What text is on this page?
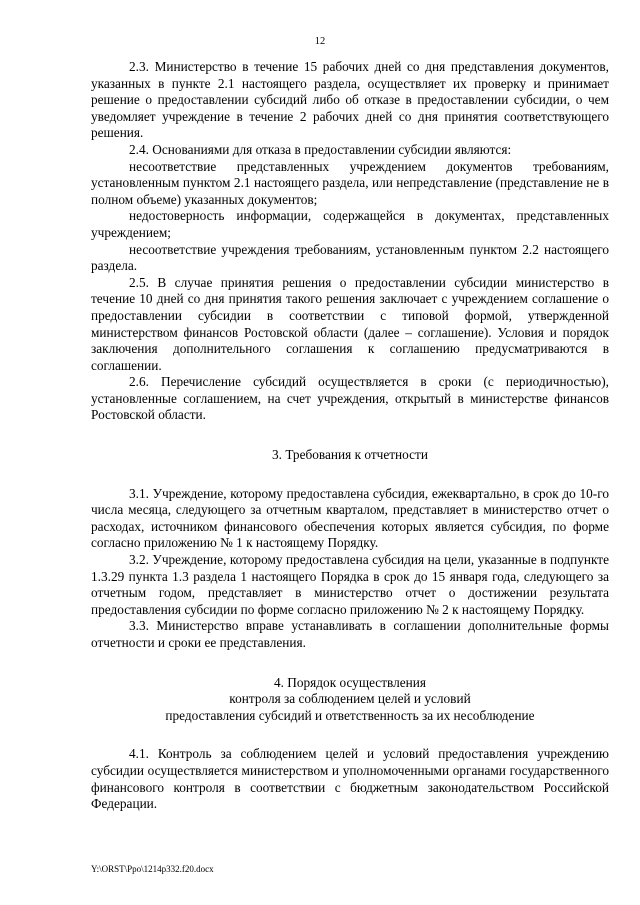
12

2.3. Министерство в течение 15 рабочих дней со дня представления документов, указанных в пункте 2.1 настоящего раздела, осуществляет их проверку и принимает решение о предоставлении субсидий либо об отказе в предоставлении субсидии, о чем уведомляет учреждение в течение 2 рабочих дней со дня принятия соответствующего решения.

2.4. Основаниями для отказа в предоставлении субсидии являются:

несоответствие представленных учреждением документов требованиям, установленным пунктом 2.1 настоящего раздела, или непредставление (представление не в полном объеме) указанных документов;

недостоверность информации, содержащейся в документах, представленных учреждением;

несоответствие учреждения требованиям, установленным пунктом 2.2 настоящего раздела.

2.5. В случае принятия решения о предоставлении субсидии министерство в течение 10 дней со дня принятия такого решения заключает с учреждением соглашение о предоставлении субсидии в соответствии с типовой формой, утвержденной министерством финансов Ростовской области (далее – соглашение). Условия и порядок заключения дополнительного соглашения к соглашению предусматриваются в соглашении.

2.6. Перечисление субсидий осуществляется в сроки (с периодичностью), установленные соглашением, на счет учреждения, открытый в министерстве финансов Ростовской области.

3. Требования к отчетности

3.1. Учреждение, которому предоставлена субсидия, ежеквартально, в срок до 10-го числа месяца, следующего за отчетным кварталом, представляет в министерство отчет о расходах, источником финансового обеспечения которых является субсидия, по форме согласно приложению № 1 к настоящему Порядку.

3.2. Учреждение, которому предоставлена субсидия на цели, указанные в подпункте 1.3.29 пункта 1.3 раздела 1 настоящего Порядка в срок до 15 января года, следующего за отчетным годом, представляет в министерство отчет о достижении результата предоставления субсидии по форме согласно приложению № 2 к настоящему Порядку.

3.3. Министерство вправе устанавливать в соглашении дополнительные формы отчетности и сроки ее представления.

4. Порядок осуществления
контроля за соблюдением целей и условий
предоставления субсидий и ответственность за их несоблюдение

4.1. Контроль за соблюдением целей и условий предоставления учреждению субсидии осуществляется министерством и уполномоченными органами государственного финансового контроля в соответствии с бюджетным законодательством Российской Федерации.

Y:\ORST\Ppo\1214p332.f20.docx
